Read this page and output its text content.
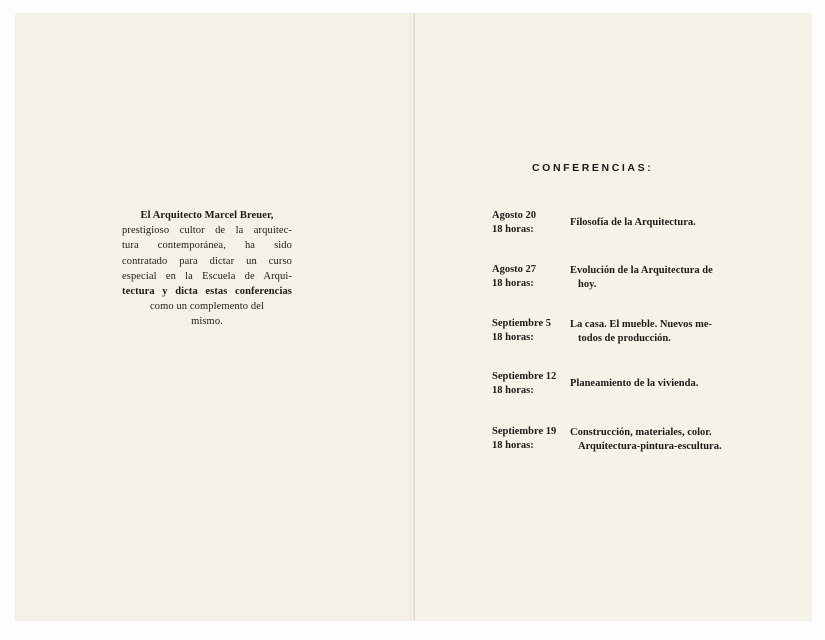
El Arquitecto Marcel Breuer,
prestigioso cultor de la arquitec-
tura contemporánea, ha sido
contratado para dictar un curso
especial en la Escuela de Arqui-
tectura y dicta estas conferencias
como un complemento del
mismo.
CONFERENCIAS:
Agosto 20
18 horas:
Filosofía de la Arquitectura.
Agosto 27
18 horas:
Evolución de la Arquitectura de
hoy.
Septiembre 5
18 horas:
La casa. El mueble. Nuevos me-
todos de producción.
Septiembre 12
18 horas:
Planeamiento de la vivienda.
Septiembre 19
18 horas:
Construcción, materiales, color.
Arquitectura-pintura-escultura.
